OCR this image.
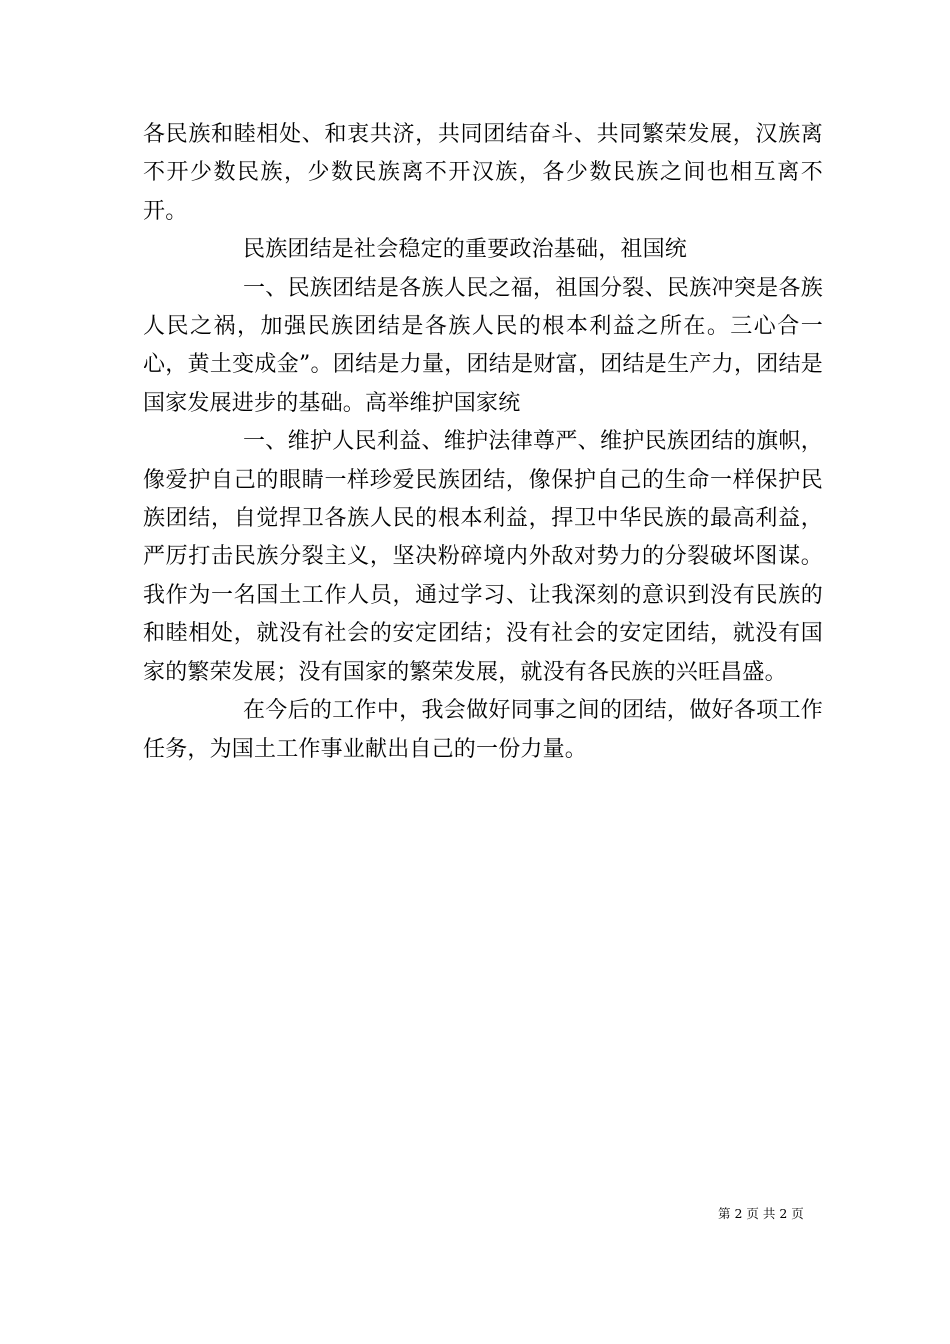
各民族和睦相处、和衷共济，共同团结奋斗、共同繁荣发展，汉族离不开少数民族，少数民族离不开汉族，各少数民族之间也相互离不开。

民族团结是社会稳定的重要政治基础，祖国统

一、民族团结是各族人民之福，祖国分裂、民族冲突是各族人民之祸，加强民族团结是各族人民的根本利益之所在。三心合一心，黄土变成金”。团结是力量，团结是财富，团结是生产力，团结是国家发展进步的基础。高举维护国家统

一、维护人民利益、维护法律尊严、维护民族团结的旗帜，像爱护自己的眼睛一样珍爱民族团结，像保护自己的生命一样保护民族团结，自觉捍卫各族人民的根本利益，捍卫中华民族的最高利益，严厉打击民族分裂主义，坚决粉碎境内外敌对势力的分裂破坏图谋。我作为一名国土工作人员，通过学习、让我深刻的意识到没有民族的和睦相处，就没有社会的安定团结；没有社会的安定团结，就没有国家的繁荣发展；没有国家的繁荣发展，就没有各民族的兴旺昌盛。

在今后的工作中，我会做好同事之间的团结，做好各项工作任务，为国土工作事业献出自己的一份力量。

第 2 页 共 2 页
